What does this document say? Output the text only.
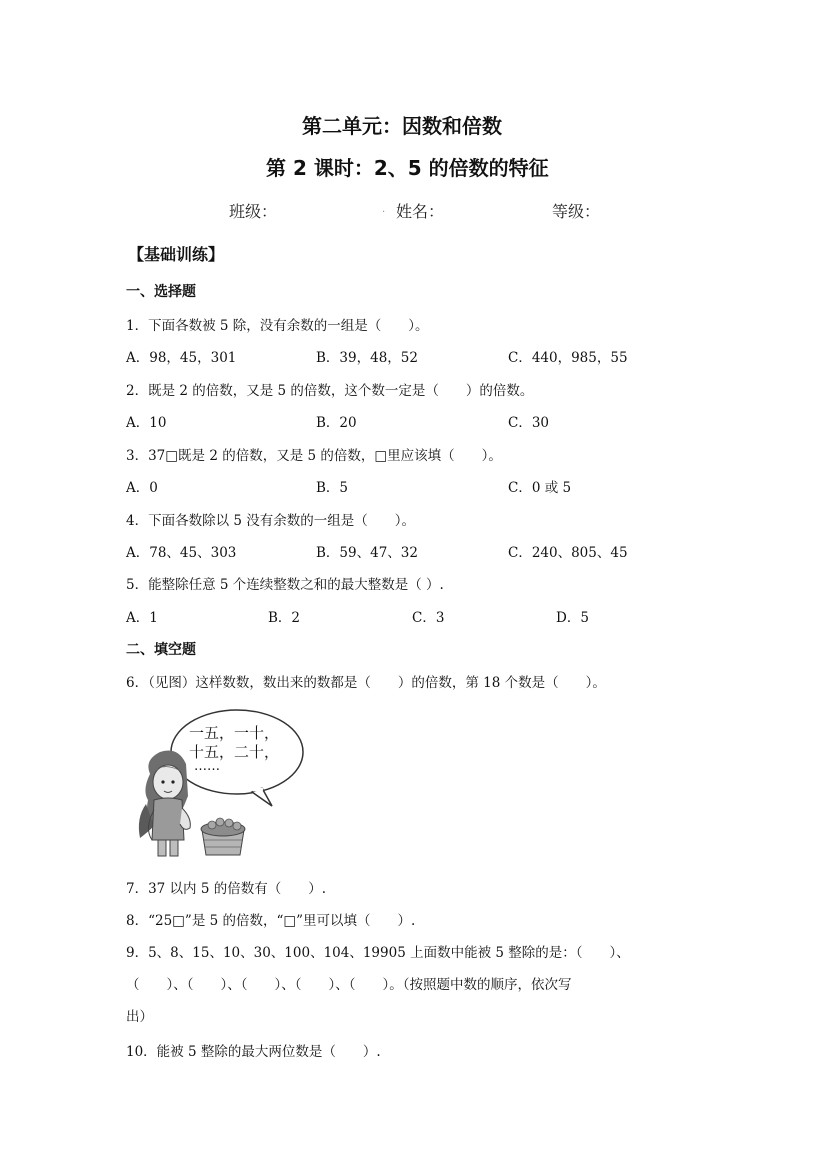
第二单元：因数和倍数
第 2 课时：2、5 的倍数的特征
班级：	. 姓名：	等级：
【基础训练】
一、选择题
1．下面各数被 5 除，没有余数的一组是（　　）。
A．98，45，301	B．39，48，52	C．440，985，55
2．既是 2 的倍数，又是 5 的倍数，这个数一定是（　　）的倍数。
A．10	B．20	C．30
3．37□既是 2 的倍数，又是 5 的倍数，□里应该填（　　）。
A．0	B．5	C．0 或 5
4．下面各数除以 5 没有余数的一组是（　　）。
A．78、45、303	B．59、47、32	C．240、805、45
5．能整除任意 5 个连续整数之和的最大整数是（ ）.
A．1	B．2	C．3	D．5
二、填空题
6．（见图）这样数数，数出来的数都是（　　）的倍数，第 18 个数是（　　）。
一五，一十，
十五，二十，
……
7．37 以内 5 的倍数有（　　）.
8．“25□”是 5 的倍数，“□”里可以填（　　）.
9．5、8、15、10、30、100、104、19905 上面数中能被 5 整除的是：（　　）、
（　　）、（　　）、（　　）、（　　）、（　　）。（按照题中数的顺序，依次写
出）
10．能被 5 整除的最大两位数是（　　）.
